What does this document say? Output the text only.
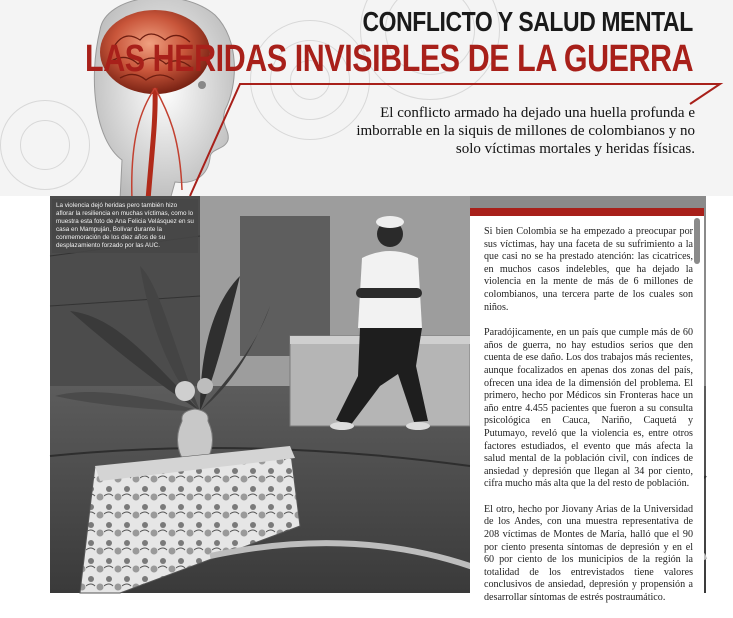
CONFLICTO Y SALUD MENTAL
LAS HERIDAS INVISIBLES DE LA GUERRA
El conflicto armado ha dejado una huella profunda e imborrable en la siquis de millones de colombianos y no solo víctimas mortales y heridas físicas.
La violencia dejó heridas pero también hizo aflorar la resiliencia en muchas víctimas, como lo muestra esta foto de Ana Felicia Velásquez en su casa en Mampuján, Bolívar durante la conmemoración de los diez años de su desplazamiento forzado por las AUC.

Si bien Colombia se ha empezado a preocupar por sus víctimas, hay una faceta de su sufrimiento a la que casi no se ha prestado atención: las cicatrices, en muchos casos indelebles, que ha dejado la violencia en la mente de más de 6 millones de colombianos, una tercera parte de los cuales son niños.

Paradójicamente, en un país que cumple más de 60 años de guerra, no hay estudios serios que den cuenta de ese daño. Los dos trabajos más recientes, aunque focalizados en apenas dos zonas del país, ofrecen una idea de la dimensión del problema. El primero, hecho por Médicos sin Fronteras hace un año entre 4.455 pacientes que fueron a su consulta psicológica en Cauca, Nariño, Caquetá y Putumayo, reveló que la violencia es, entre otros factores estudiados, el evento que más afecta la salud mental de la población civil, con índices de ansiedad y depresión que llegan al 34 por ciento, cifra mucho más alta que la del resto de población.

El otro, hecho por Jiovany Arias de la Universidad de los Andes, con una muestra representativa de 208 víctimas de Montes de María, halló que el 90 por ciento presenta síntomas de depresión y en el 60 por ciento de los municipios de la región la totalidad de los entrevistados tiene valores conclusivos de ansiedad, depresión y propensión a desarrollar síntomas de estrés postraumático.
